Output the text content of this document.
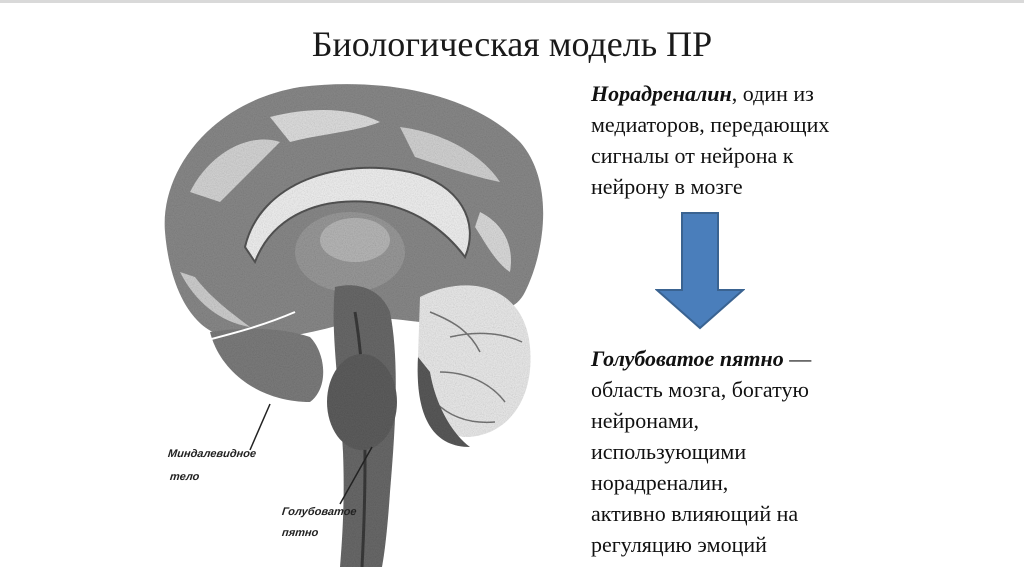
Биологическая модель ПР
Миндалевидное
тело
Голубоватое
пятно
Норадреналин, один из
медиаторов, передающих
сигналы от нейрона к
нейрону в мозге
Голубоватое пятно —
область мозга, богатую
нейронами,
использующими
норадреналин,
активно влияющий на
регуляцию эмоций
